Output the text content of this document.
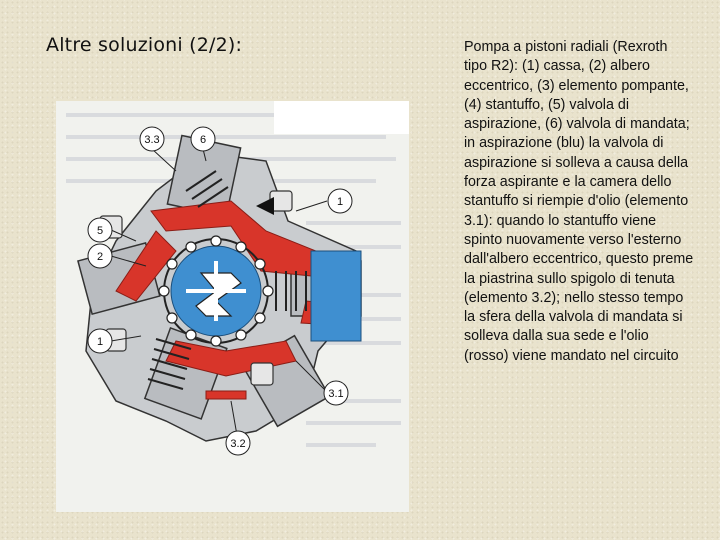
Altre soluzioni (2/2):
3.3	6
1
5
2
1
3.1
3.2
Pompa a pistoni radiali (Rexroth tipo R2): (1) cassa, (2) albero eccentrico, (3) elemento pompante, (4) stantuffo, (5) valvola di aspirazione, (6) valvola di mandata; in aspirazione (blu) la valvola di aspirazione si solleva a causa della forza aspirante e la camera dello stantuffo si riempie d'olio (elemento 3.1): quando lo stantuffo viene spinto nuovamente verso l'esterno dall'albero eccentrico, questo preme la piastrina sullo spigolo di tenuta (elemento 3.2); nello stesso tempo la sfera della valvola di mandata si solleva dalla sua sede e l'olio (rosso) viene mandato nel circuito
